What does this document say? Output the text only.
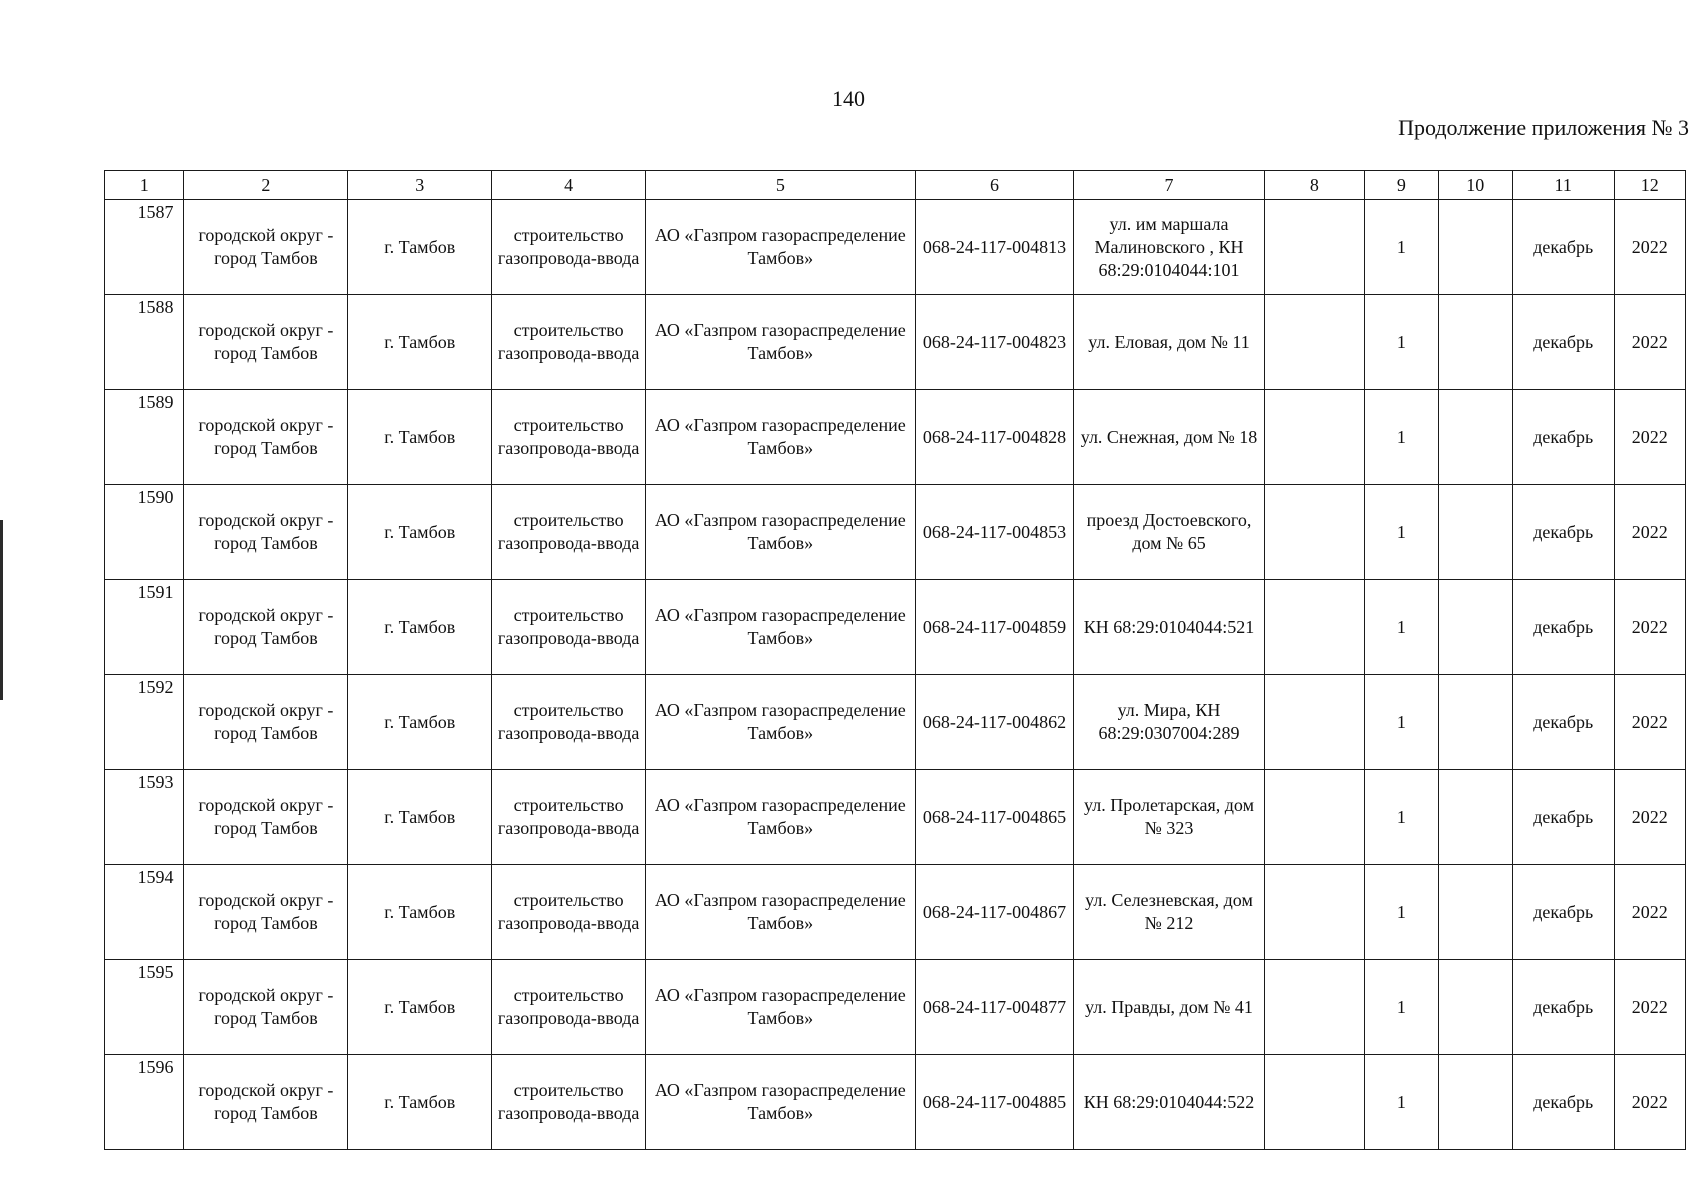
140
Продолжение приложения № 3
1	2	3	4	5	6	7	8	9	10	11	12
1587	городской округ - город Тамбов	г. Тамбов	строительство газопровода-ввода	АО «Газпром газораспределение Тамбов»	068-24-117-004813	ул. им маршала Малиновского , КН 68:29:0104044:101		1		декабрь	2022
1588	городской округ - город Тамбов	г. Тамбов	строительство газопровода-ввода	АО «Газпром газораспределение Тамбов»	068-24-117-004823	ул. Еловая, дом № 11		1		декабрь	2022
1589	городской округ - город Тамбов	г. Тамбов	строительство газопровода-ввода	АО «Газпром газораспределение Тамбов»	068-24-117-004828	ул. Снежная, дом № 18		1		декабрь	2022
1590	городской округ - город Тамбов	г. Тамбов	строительство газопровода-ввода	АО «Газпром газораспределение Тамбов»	068-24-117-004853	проезд Достоевского, дом № 65		1		декабрь	2022
1591	городской округ - город Тамбов	г. Тамбов	строительство газопровода-ввода	АО «Газпром газораспределение Тамбов»	068-24-117-004859	КН 68:29:0104044:521		1		декабрь	2022
1592	городской округ - город Тамбов	г. Тамбов	строительство газопровода-ввода	АО «Газпром газораспределение Тамбов»	068-24-117-004862	ул. Мира, КН 68:29:0307004:289		1		декабрь	2022
1593	городской округ - город Тамбов	г. Тамбов	строительство газопровода-ввода	АО «Газпром газораспределение Тамбов»	068-24-117-004865	ул. Пролетарская, дом № 323		1		декабрь	2022
1594	городской округ - город Тамбов	г. Тамбов	строительство газопровода-ввода	АО «Газпром газораспределение Тамбов»	068-24-117-004867	ул. Селезневская, дом № 212		1		декабрь	2022
1595	городской округ - город Тамбов	г. Тамбов	строительство газопровода-ввода	АО «Газпром газораспределение Тамбов»	068-24-117-004877	ул. Правды, дом № 41		1		декабрь	2022
1596	городской округ - город Тамбов	г. Тамбов	строительство газопровода-ввода	АО «Газпром газораспределение Тамбов»	068-24-117-004885	КН 68:29:0104044:522		1		декабрь	2022
